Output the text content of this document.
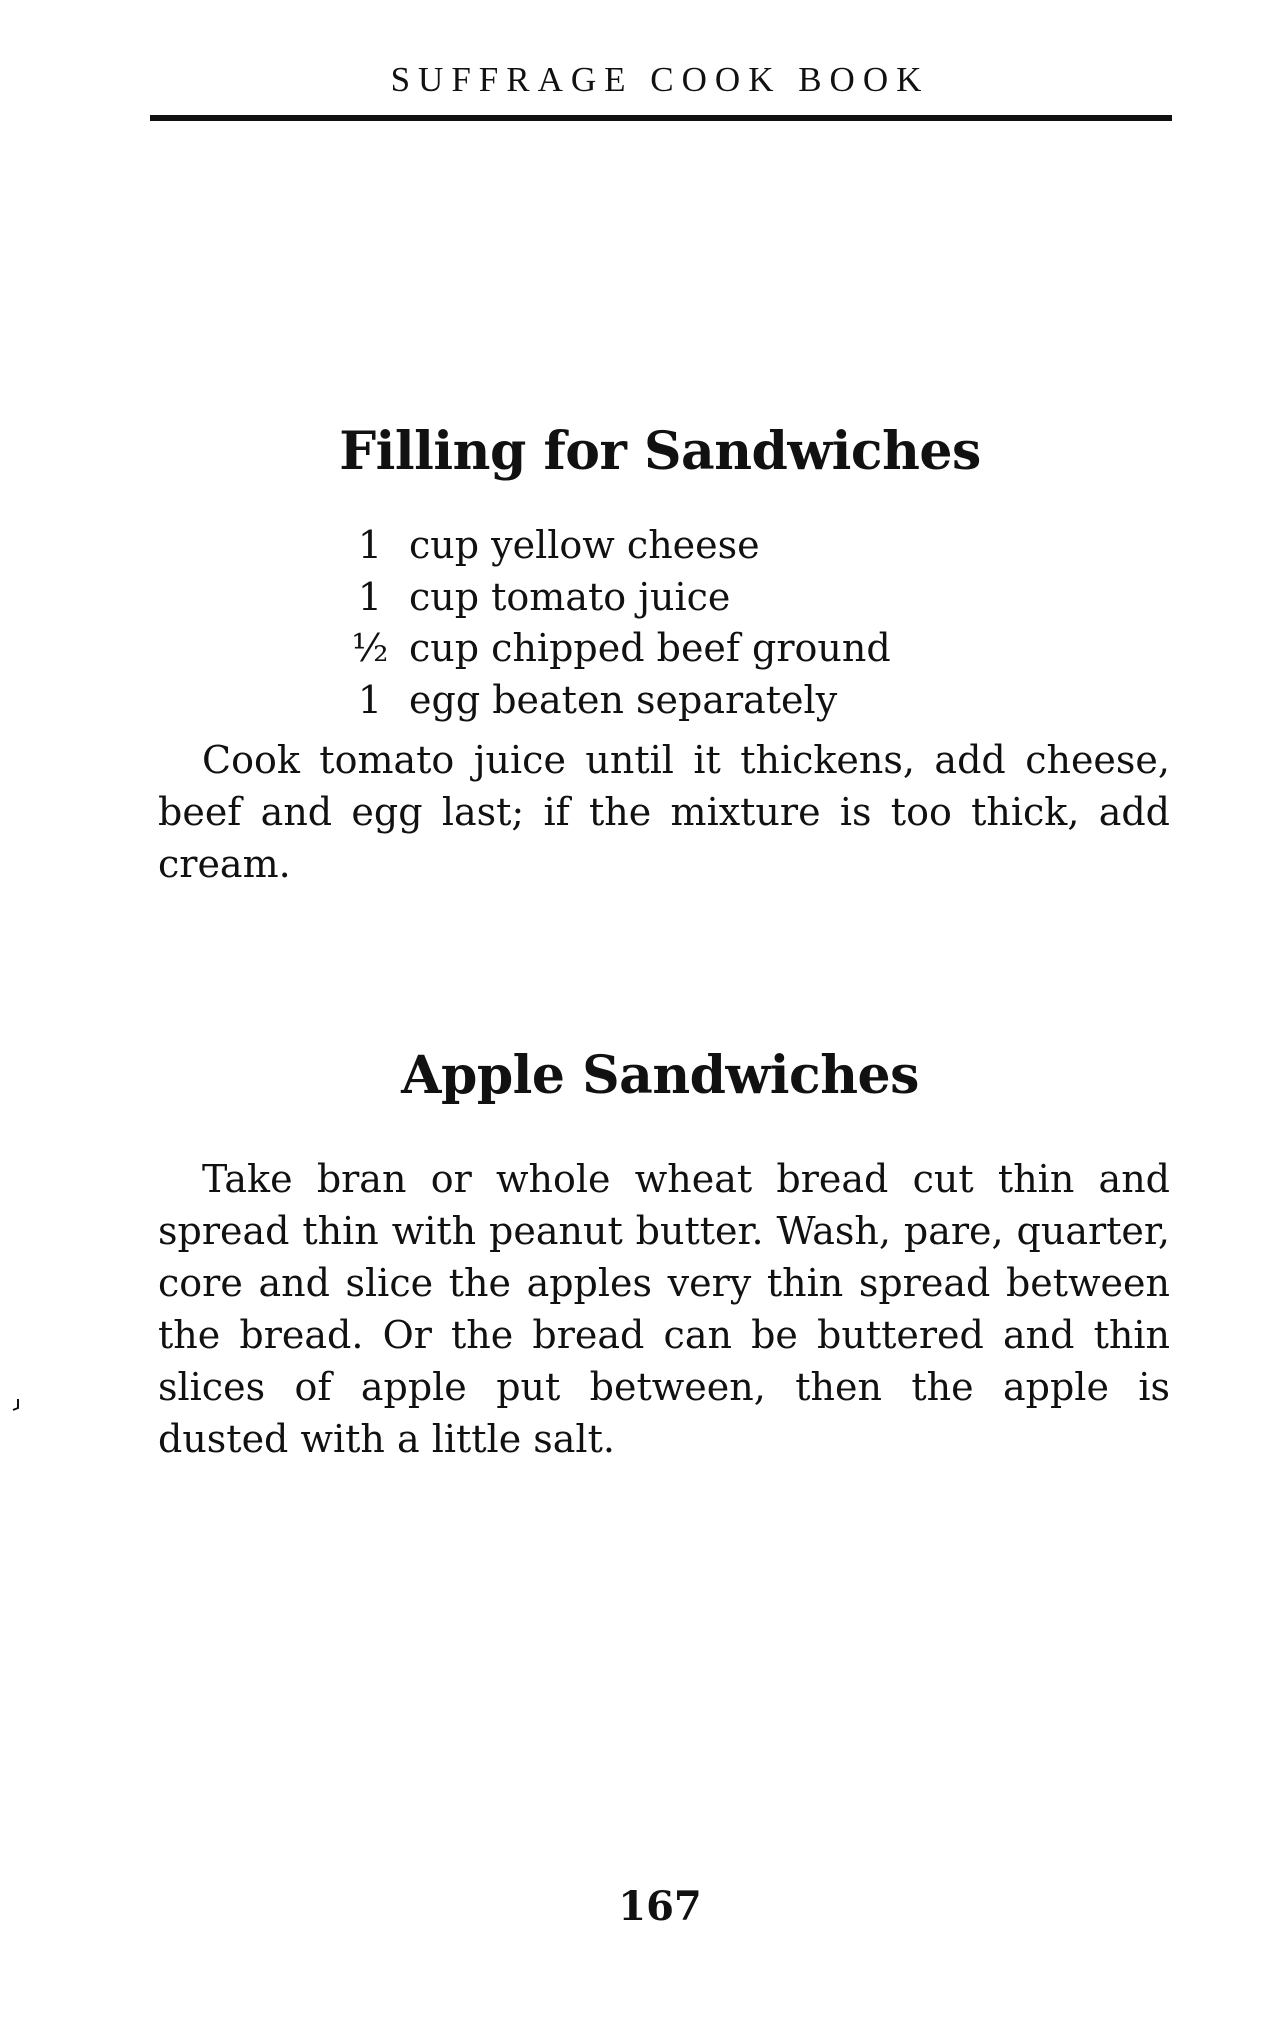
SUFFRAGE COOK BOOK
Filling for Sandwiches
1 cup yellow cheese
1 cup tomato juice
½ cup chipped beef ground
1 egg beaten separately

Cook tomato juice until it thickens, add cheese, beef and egg last; if the mixture is too thick, add cream.

Apple Sandwiches

Take bran or whole wheat bread cut thin and spread thin with peanut butter. Wash, pare, quarter, core and slice the apples very thin spread between the bread. Or the bread can be buttered and thin slices of apple put between, then the apple is dusted with a little salt.

167
